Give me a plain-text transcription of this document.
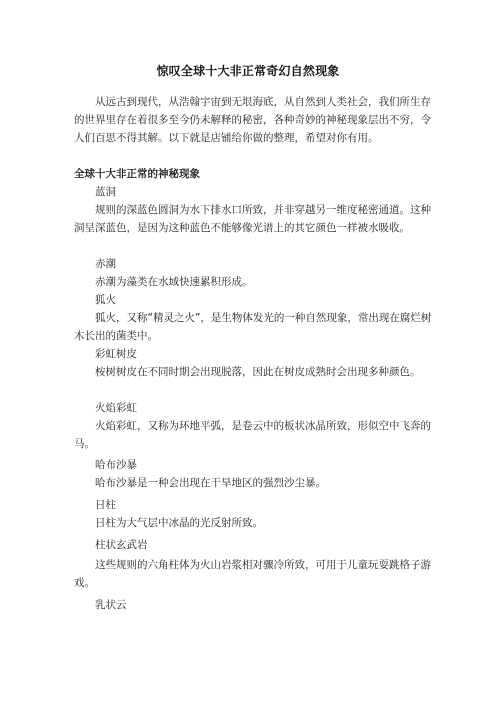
惊叹全球十大非正常奇幻自然现象
从远古到现代，从浩翰宇宙到无垠海底，从自然到人类社会，我们所生存的世界里存在着很多至今仍未解释的秘密，各种奇妙的神秘现象层出不穷，令人们百思不得其解。以下就是店铺给你做的整理，希望对你有用。
全球十大非正常的神秘现象
蓝洞
规则的深蓝色圆洞为水下排水口所致，并非穿越另一维度秘密通道。这种洞呈深蓝色，是因为这种蓝色不能够像光谱上的其它颜色一样被水吸收。
赤潮
赤潮为藻类在水域快速累积形成。
狐火
狐火，又称“精灵之火”，是生物体发光的一种自然现象，常出现在腐烂树木长出的菌类中。
彩虹树皮
桉树树皮在不同时期会出现脱落，因此在树皮成熟时会出现多种颜色。
火焰彩虹
火焰彩虹，又称为环地平弧，是卷云中的板状冰晶所致，形似空中飞奔的马。
哈布沙暴
哈布沙暴是一种会出现在干旱地区的强烈沙尘暴。
日柱
日柱为大气层中冰晶的光反射所致。
柱状玄武岩
这些规则的六角柱体为火山岩浆相对骤冷所致，可用于儿童玩耍跳格子游戏。
乳状云
